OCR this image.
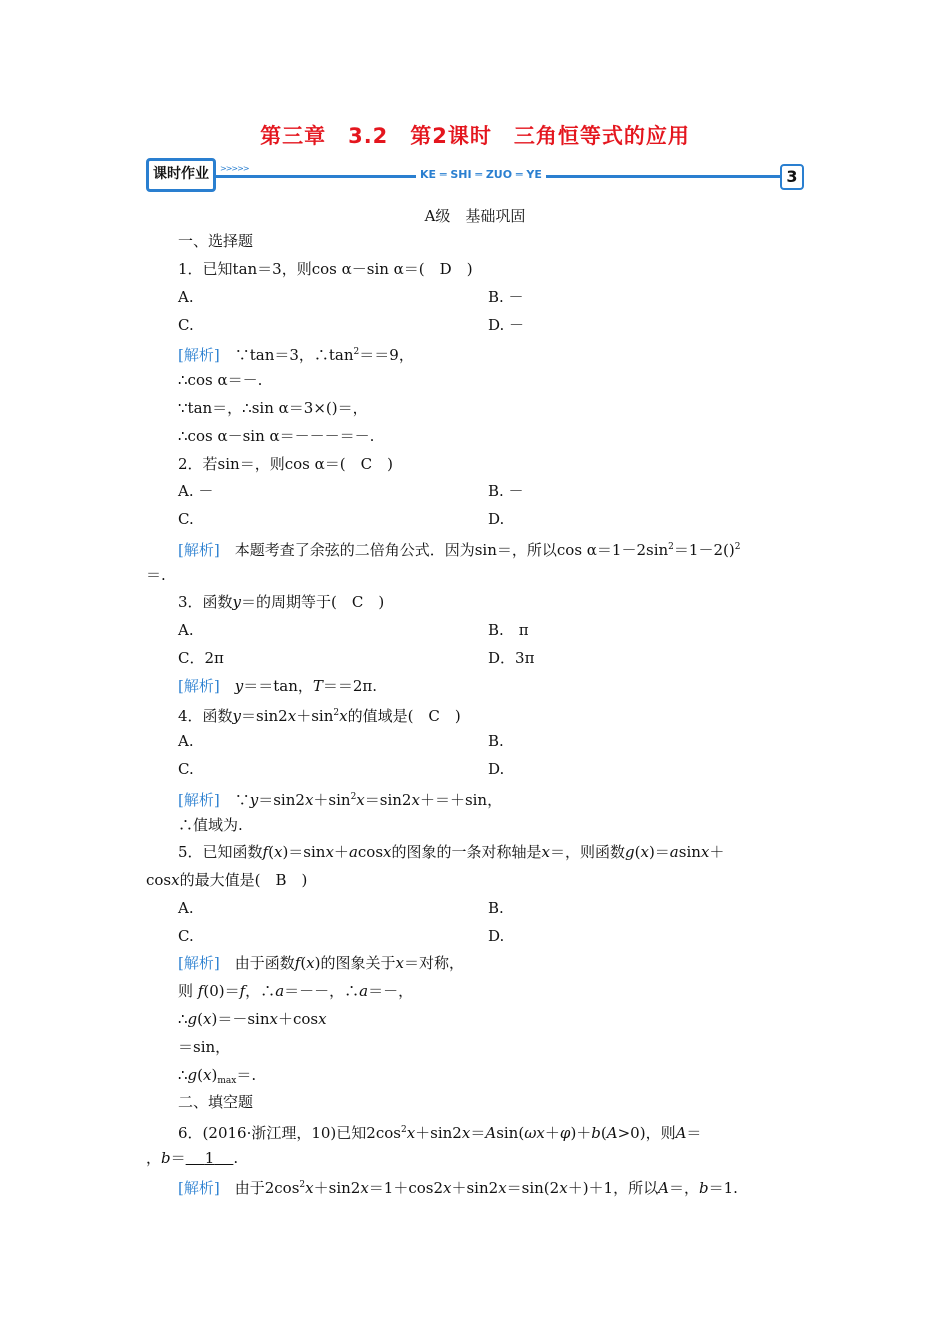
第三章　3.2　第2课时　三角恒等式的应用
课时作业	>>>>>	KE ═ SHI ═ ZUO ═ YE	3
A级　基础巩固
一、选择题
1．已知tan＝3，则cos α－sin α＝(　D　)
A.	B. －
C.	D. －
[解析]　 ∵tan＝3，$\therefore\tan^2==9$，
∴cos α＝－.
∵tan＝，∴sin α＝3×()＝，
∴cos α－sin α＝－－－＝－.
2．若sin＝，则cos α＝(　C　)
A. －	B. －
C.	D.
[解析]　 本题考查了余弦的二倍角公式．因为sin＝，所以$\cos \alpha=1-2\sin^2=1-2()^2$
＝.
3．函数y＝的周期等于(　C　)
A.	B.　π
C．2π	D．3π
[解析]　 y＝＝tan，T＝＝2π.
4．函数$y=\sin 2x+\sin^2x$的值域是(　C　)
A.	B.
C.	D.
[解析]　 $\because y=\sin 2x+\sin^2x=\sin 2x+=+\sin$，
∴值域为.
5．已知函数f(x)＝sinx＋acosx的图象的一条对称轴是x＝，则函数g(x)＝asinx＋
cosx的最大值是(　B　)
A.	B.
C.	D.
[解析]　 由于函数f(x)的图象关于x＝对称，
则 f(0)＝f，∴a＝－－，∴a＝－，
∴g(x)＝－sinx＋cosx
＝sin，
$\therefore g(x)_{max}=$.
二、填空题
6．(2016·浙江理，10)已知$2\cos^2x+\sin 2x=Asin(\omega x+\varphi)+b(A>0)$，则A＝
，b＝   1   .
[解析]　 由于$2\cos^2x+\sin 2x=1+\cos 2x+\sin 2x=\sin(2x+)+1$，所以A＝，b＝1.
